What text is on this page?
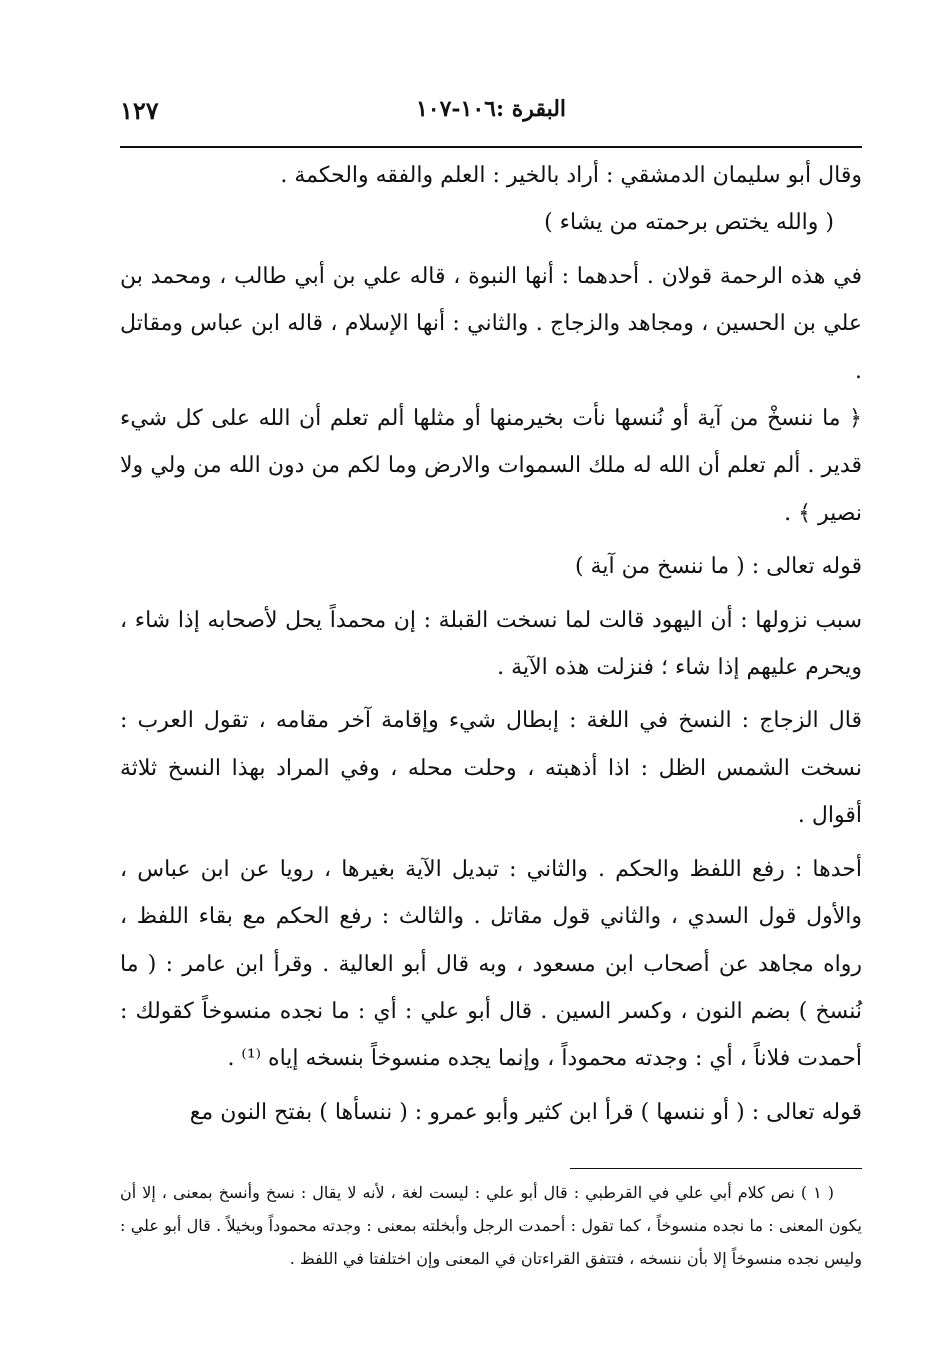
البقرة :١٠٦-١٠٧
١٢٧

وقال أبو سليمان الدمشقي : أراد بالخير : العلم والفقه والحكمة .

( والله يختص برحمته من يشاء )

في هذه الرحمة قولان . أحدهما : أنها النبوة ، قاله علي بن أبي طالب ، ومحمد بن علي بن الحسين ، ومجاهد والزجاج . والثاني : أنها الإسلام ، قاله ابن عباس ومقاتل .

﴿ ما ننسخْ من آية أو نُنسها نأت بخيرمنها أو مثلها ألم تعلم أن الله على كل شيء قدير . ألم تعلم أن الله له ملك السموات والارض وما لكم من دون الله من ولي ولا نصير ﴾ .

قوله تعالى : ( ما ننسخ من آية )

سبب نزولها : أن اليهود قالت لما نسخت القبلة : إن محمداً يحل لأصحابه إذا شاء ، ويحرم عليهم إذا شاء ؛ فنزلت هذه الآية .

قال الزجاج : النسخ في اللغة : إبطال شيء وإقامة آخر مقامه ، تقول العرب : نسخت الشمس الظل : اذا أذهبته ، وحلت محله ، وفي المراد بهذا النسخ ثلاثة أقوال .

أحدها : رفع اللفظ والحكم . والثاني : تبديل الآية بغيرها ، رويا عن ابن عباس ، والأول قول السدي ، والثاني قول مقاتل . والثالث : رفع الحكم مع بقاء اللفظ ، رواه مجاهد عن أصحاب ابن مسعود ، وبه قال أبو العالية . وقرأ ابن عامر : ( ما نُنسخ ) بضم النون ، وكسر السين . قال أبو علي : أي : ما نجده منسوخاً كقولك : أحمدت فلاناً ، أي : وجدته محموداً ، وإنما يجده منسوخاً بنسخه إياه ⁽¹⁾ .

قوله تعالى : ( أو ننسها ) قرأ ابن كثير وأبو عمرو : ( ننسأها ) بفتح النون مع

( ١ ) نص كلام أبي علي في القرطبي : قال أبو علي : ليست لغة ، لأنه لا يقال : نسخ وأنسخ بمعنى ، إلا أن يكون المعنى : ما نجده منسوخاً ، كما تقول : أحمدت الرجل وأبخلته بمعنى : وجدته محموداً وبخيلاً . قال أبو علي : وليس نجده منسوخاً إلا بأن ننسخه ، فتتفق القراءتان في المعنى وإن اختلفتا في اللفظ .
